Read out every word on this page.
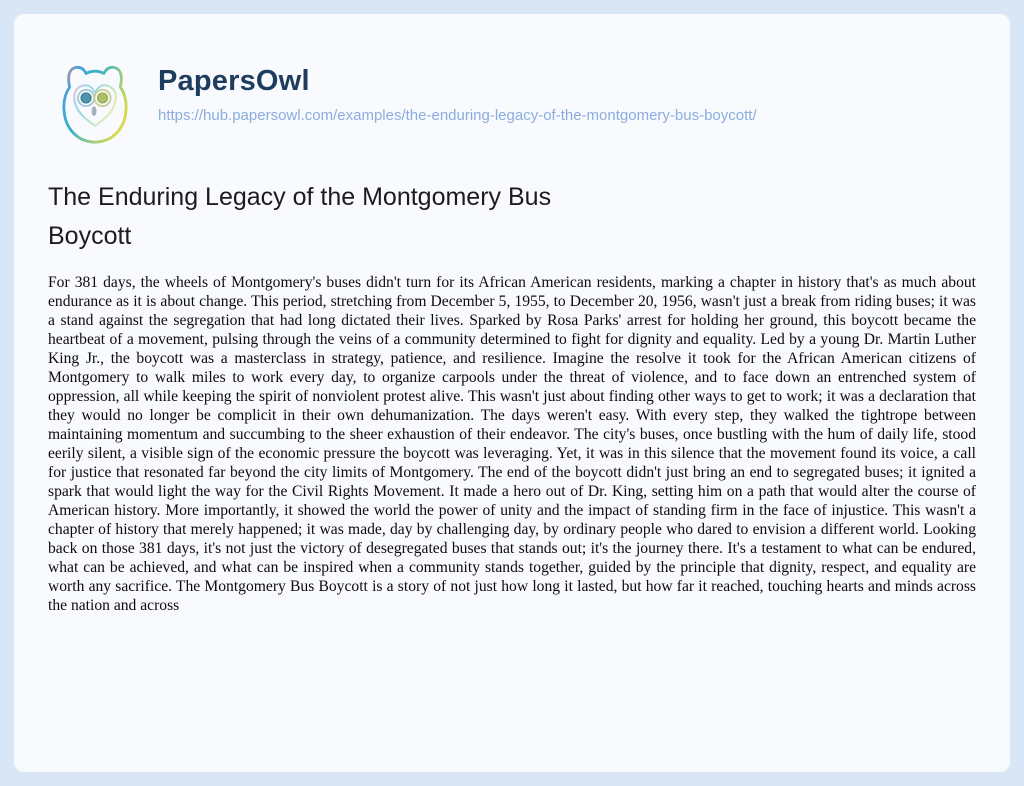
PapersOwl
https://hub.papersowl.com/examples/the-enduring-legacy-of-the-montgomery-bus-boycott/
The Enduring Legacy of the Montgomery Bus
Boycott

For 381 days, the wheels of Montgomery's buses didn't turn for its African American residents, marking a chapter in history that's as much about endurance as it is about change. This period, stretching from December 5, 1955, to December 20, 1956, wasn't just a break from riding buses; it was a stand against the segregation that had long dictated their lives. Sparked by Rosa Parks' arrest for holding her ground, this boycott became the heartbeat of a movement, pulsing through the veins of a community determined to fight for dignity and equality. Led by a young Dr. Martin Luther King Jr., the boycott was a masterclass in strategy, patience, and resilience. Imagine the resolve it took for the African American citizens of Montgomery to walk miles to work every day, to organize carpools under the threat of violence, and to face down an entrenched system of oppression, all while keeping the spirit of nonviolent protest alive. This wasn't just about finding other ways to get to work; it was a declaration that they would no longer be complicit in their own dehumanization. The days weren't easy. With every step, they walked the tightrope between maintaining momentum and succumbing to the sheer exhaustion of their endeavor. The city's buses, once bustling with the hum of daily life, stood eerily silent, a visible sign of the economic pressure the boycott was leveraging. Yet, it was in this silence that the movement found its voice, a call for justice that resonated far beyond the city limits of Montgomery. The end of the boycott didn't just bring an end to segregated buses; it ignited a spark that would light the way for the Civil Rights Movement. It made a hero out of Dr. King, setting him on a path that would alter the course of American history. More importantly, it showed the world the power of unity and the impact of standing firm in the face of injustice. This wasn't a chapter of history that merely happened; it was made, day by challenging day, by ordinary people who dared to envision a different world. Looking back on those 381 days, it's not just the victory of desegregated buses that stands out; it's the journey there. It's a testament to what can be endured, what can be achieved, and what can be inspired when a community stands together, guided by the principle that dignity, respect, and equality are worth any sacrifice. The Montgomery Bus Boycott is a story of not just how long it lasted, but how far it reached, touching hearts and minds across the nation and across
